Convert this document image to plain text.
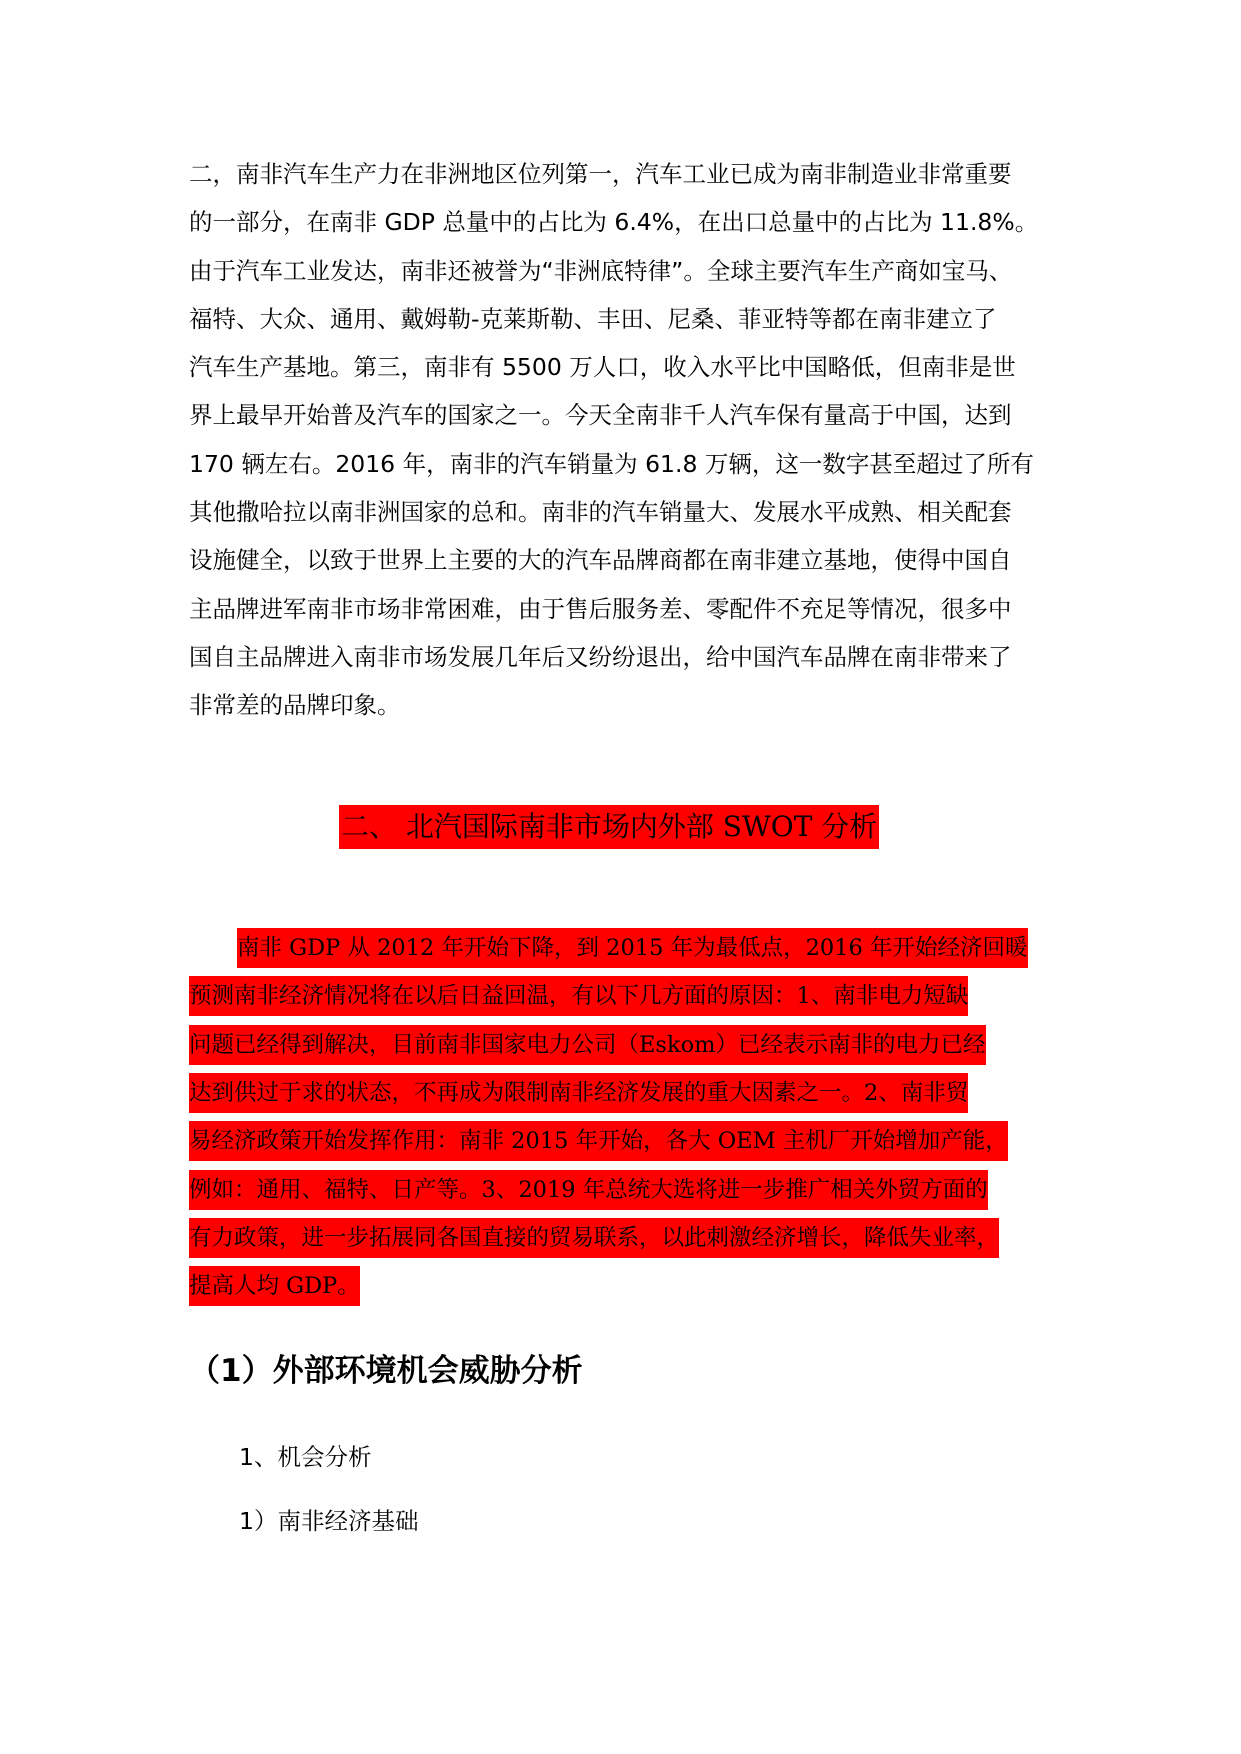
二，南非汽车生产力在非洲地区位列第一，汽车工业已成为南非制造业非常重要
的一部分，在南非 GDP 总量中的占比为 6.4%，在出口总量中的占比为 11.8%。
由于汽车工业发达，南非还被誉为“非洲底特律”。全球主要汽车生产商如宝马、
福特、大众、通用、戴姆勒-克莱斯勒、丰田、尼桑、菲亚特等都在南非建立了
汽车生产基地。第三，南非有 5500 万人口，收入水平比中国略低，但南非是世
界上最早开始普及汽车的国家之一。今天全南非千人汽车保有量高于中国，达到
170 辆左右。2016 年，南非的汽车销量为 61.8 万辆，这一数字甚至超过了所有
其他撒哈拉以南非洲国家的总和。南非的汽车销量大、发展水平成熟、相关配套
设施健全，以致于世界上主要的大的汽车品牌商都在南非建立基地，使得中国自
主品牌进军南非市场非常困难，由于售后服务差、零配件不充足等情况，很多中
国自主品牌进入南非市场发展几年后又纷纷退出，给中国汽车品牌在南非带来了
非常差的品牌印象。
二、 北汽国际南非市场内外部 SWOT 分析
南非 GDP 从 2012 年开始下降，到 2015 年为最低点，2016 年开始经济回暖
预测南非经济情况将在以后日益回温，有以下几方面的原因：1、南非电力短缺
问题已经得到解决，目前南非国家电力公司（Eskom）已经表示南非的电力已经
达到供过于求的状态，不再成为限制南非经济发展的重大因素之一。2、南非贸
易经济政策开始发挥作用：南非 2015 年开始，各大 OEM 主机厂开始增加产能，
例如：通用、福特、日产等。3、2019 年总统大选将进一步推广相关外贸方面的
有力政策，进一步拓展同各国直接的贸易联系，以此刺激经济增长，降低失业率，
提高人均 GDP。
（1）外部环境机会威胁分析
1、机会分析
1）南非经济基础
